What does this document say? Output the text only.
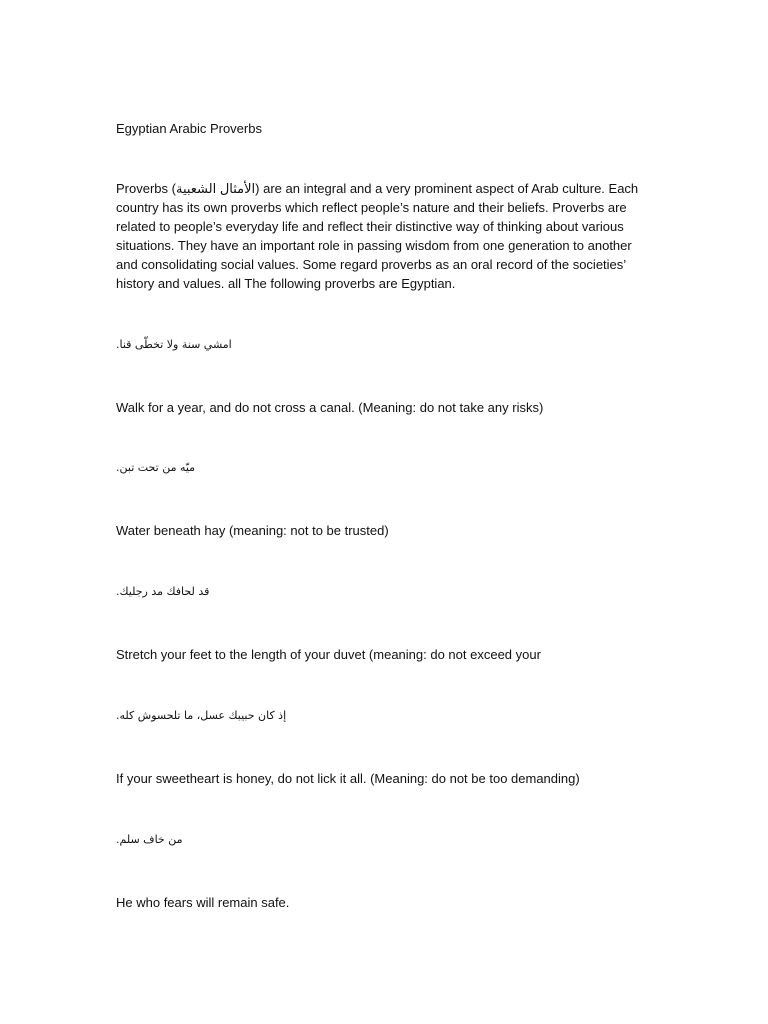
Egyptian Arabic Proverbs
Proverbs (الأمثال الشعبية) are an integral and a very prominent aspect of Arab culture. Each
country has its own proverbs which reflect people’s nature and their beliefs. Proverbs are
related to people’s everyday life and reflect their distinctive way of thinking about various
situations. They have an important role in passing wisdom from one generation to another
and consolidating social values. Some regard proverbs as an oral record of the societies’
history and values. all The following proverbs are Egyptian.
امشي سنة ولا تخطّى قنا.
Walk for a year, and do not cross a canal. (Meaning: do not take any risks)
ميّه من تحت تبن.
Water beneath hay (meaning: not to be trusted)
قد لحافك مد رجليك.
Stretch your feet to the length of your duvet (meaning: do not exceed your
إذ كان حبيبك عسل، ما تلحسوش كله.
If your sweetheart is honey, do not lick it all. (Meaning: do not be too demanding)
من خاف سلم.
He who fears will remain safe.
